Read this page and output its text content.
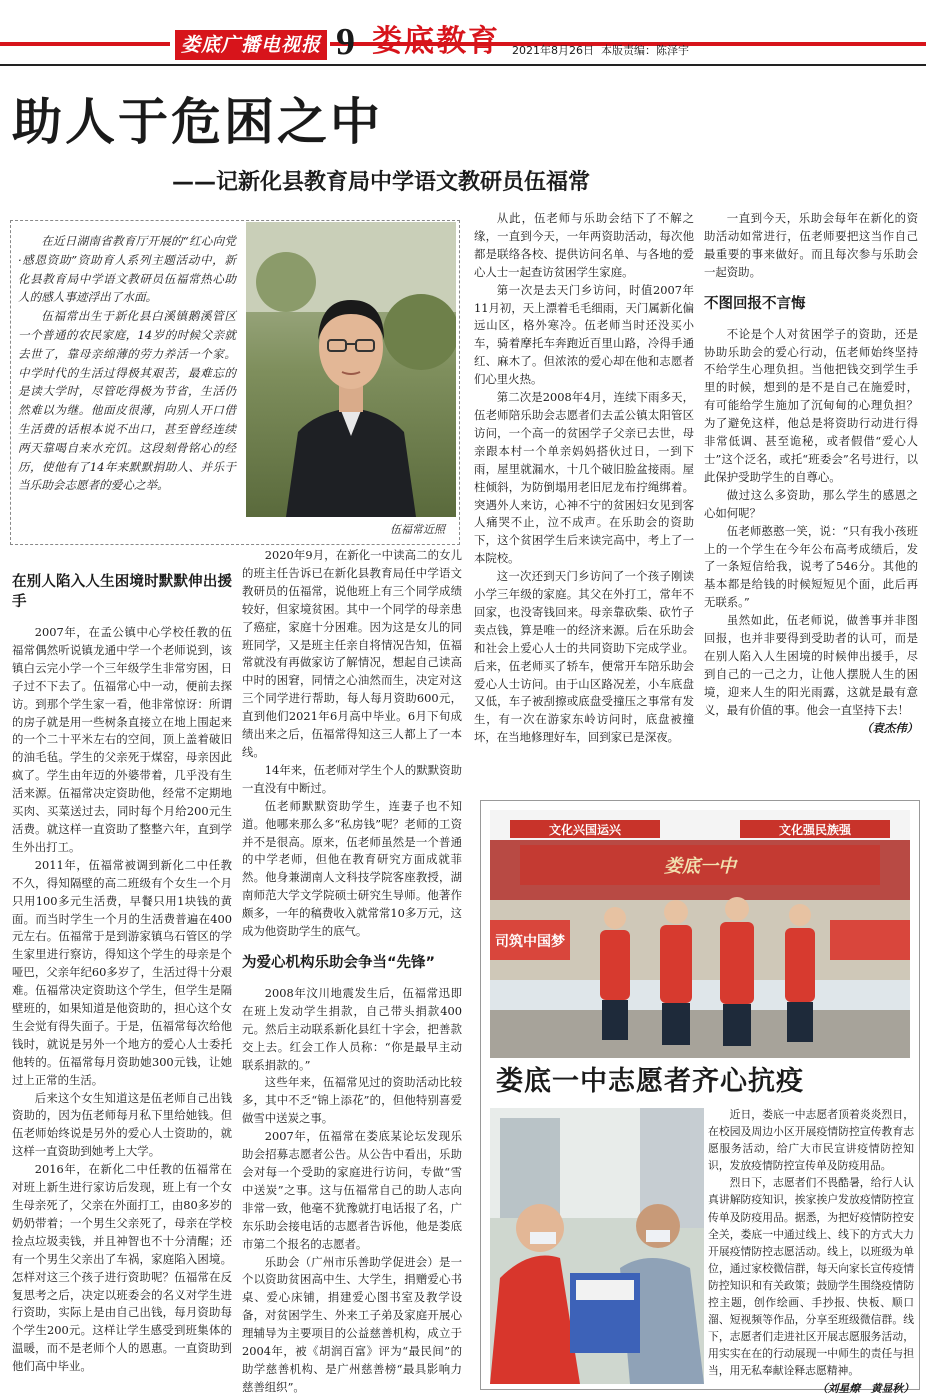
娄底广播电视报 9 娄底教育 2021年8月26日 本版责编：陈泽宇
助人于危困之中
——记新化县教育局中学语文教研员伍福常

在近日湖南省教育厅开展的“红心向党·感恩资助”资助育人系列主题活动中，新化县教育局中学语文教研员伍福常热心助人的感人事迹浮出了水面。

伍福常出生于新化县白溪镇鹅溪管区一个普通的农民家庭，14岁的时候父亲就去世了，靠母亲绵薄的劳力养活一个家。中学时代的生活过得极其艰苦，最难忘的是读大学时，尽管吃得极为节省，生活仍然难以为继。他面皮很薄，向别人开口借生活费的话根本说不出口，甚至曾经连续两天靠喝自来水充饥。这段刻骨铭心的经历，使他有了14年来默默捐助人、并乐于当乐助会志愿者的爱心之举。

伍福常近照
在别人陷入人生困境时默默伸出援手

2007年，在孟公镇中心学校任教的伍福常偶然听说镇龙通中学一个老师说到，该镇白云完小学一个三年级学生非常穷困，日子过不下去了。伍福常心中一动，便前去探访。到那个学生家一看，他非常惊讶：所谓的房子就是用一些树条直接立在地上围起来的一个二十平米左右的空间，顶上盖着破旧的油毛毡。学生的父亲死于煤窑，母亲因此疯了。学生由年迈的外婆带着，几乎没有生活来源。伍福常决定资助他，经常不定期地买肉、买菜送过去，同时每个月给200元生活费。就这样一直资助了整整六年，直到学生外出打工。

2011年，伍福常被调到新化二中任教不久，得知隔壁的高二班级有个女生一个月只用100多元生活费，早餐只用1块钱的黄面。而当时学生一个月的生活费普遍在400元左右。伍福常于是到游家镇乌石管区的学生家里进行察访，得知这个学生的母亲是个哑巴，父亲年纪60多岁了，生活过得十分艰难。伍福常决定资助这个学生，但学生是隔壁班的，如果知道是他资助的，担心这个女生会觉有得失面子。于是，伍福常每次给他钱时，就说是另外一个地方的爱心人士委托他转的。伍福常每月资助她300元钱，让她过上正常的生活。

后来这个女生知道这是伍老师自己出钱资助的，因为伍老师每月私下里给她钱。但伍老师始终说是另外的爱心人士资助的，就这样一直资助到她考上大学。

2016年，在新化二中任教的伍福常在对班上新生进行家访后发现，班上有一个女生母亲死了，父亲在外面打工，由80多岁的奶奶带着；一个男生父亲死了，母亲在学校捡点垃圾卖钱，并且神智也不十分清醒；还有一个男生父亲出了车祸，家庭陷入困境。怎样对这三个孩子进行资助呢？伍福常在反复思考之后，决定以班委会的名义对学生进行资助，实际上是由自己出钱，每月资助每个学生200元。这样让学生感受到班集体的温暖，而不是老师个人的恩惠。一直资助到他们高中毕业。

2020年9月，在新化一中读高二的女儿的班主任告诉已在新化县教育局任中学语文教研员的伍福常，说他班上有三个同学成绩较好，但家境贫困。其中一个同学的母亲患了癌症，家庭十分困难。因为这是女儿的同班同学，又是班主任亲自将情况告知，伍福常就没有再做家访了解情况，想起自己读高中时的困窘，同情之心油然而生，决定对这三个同学进行帮助，每人每月资助600元，直到他们2021年6月高中毕业。6月下旬成绩出来之后，伍福常得知这三人都上了一本线。

14年来，伍老师对学生个人的默默资助一直没有中断过。

伍老师默默资助学生，连妻子也不知道。他哪来那么多“私房钱”呢？老师的工资并不是很高。原来，伍老师虽然是一个普通的中学老师，但他在教育研究方面成就菲然。他身兼湖南人文科技学院客座教授，湖南师范大学文学院硕士研究生导师。他著作颇多，一年的稿费收入就常常10多万元，这成为他资助学生的底气。

为爱心机构乐助会争当“先锋”

2008年汶川地震发生后，伍福常迅即在班上发动学生捐款，自己带头捐款400元。然后主动联系新化县红十字会，把善款交上去。红会工作人员称：“你是最早主动联系捐款的。”

这些年来，伍福常见过的资助活动比较多，其中不乏“锦上添花”的，但他特别喜爱做雪中送炭之事。

2007年，伍福常在娄底某论坛发现乐助会招募志愿者公告。从公告中看出，乐助会对每一个受助的家庭进行访问，专做“雪中送炭”之事。这与伍福常自己的助人志向非常一致，他毫不犹豫就打电话报了名，广东乐助会接电话的志愿者告诉他，他是娄底市第二个报名的志愿者。

乐助会（广州市乐善助学促进会）是一个以资助贫困高中生、大学生，捐赠爱心书桌、爱心床铺，捐建爱心图书室及教学设备，对贫困学生、外来工子弟及家庭开展心理辅导为主要项目的公益慈善机构，成立于2004年，被《胡润百富》评为“最民间”的助学慈善机构、是广州慈善榜“最具影响力慈善组织”。

从此，伍老师与乐助会结下了不解之缘，一直到今天，一年两资助活动，每次他都是联络各校、提供访问名单、与各地的爱心人士一起查访贫困学生家庭。

第一次是去天门乡访问，时值2007年11月初，天上漂着毛毛细雨，天门属新化偏远山区，格外寒冷。伍老师当时还没买小车，骑着摩托车奔跑近百里山路，冷得手通红、麻木了。但浓浓的爱心却在他和志愿者们心里火热。

第二次是2008年4月，连续下雨多天，伍老师陪乐助会志愿者们去孟公镇太阳管区访问，一个高一的贫困学子父亲已去世，母亲跟本村一个单亲妈妈搭伙过日，一到下雨，屋里就漏水，十几个破旧脸盆接雨。屋柱倾斜，为防倒塌用老旧尼龙布拧绳绑着。突遇外人来访，心神不宁的贫困妇女见到客人痛哭不止，泣不成声。在乐助会的资助下，这个贫困学生后来读完高中，考上了一本院校。

这一次还到天门乡访问了一个孩子刚读小学三年级的家庭。其父在外打工，常年不回家，也没寄钱回来。母亲靠砍柴、砍竹子卖点钱，算是唯一的经济来源。后在乐助会和社会上爱心人士的共同资助下完成学业。后来，伍老师买了轿车，便常开车陪乐助会爱心人士访问。由于山区路况差，小车底盘又低，车子被刮擦或底盘受撞压之事常有发生，有一次在游家东岭访问时，底盘被撞坏，在当地修理好车，回到家已是深夜。

一直到今天，乐助会每年在新化的资助活动如常进行，伍老师要把这当作自己最重要的事来做好。而且每次参与乐助会一起资助。

不图回报不言悔

不论是个人对贫困学子的资助，还是协助乐助会的爱心行动，伍老师始终坚持不给学生心理负担。当他把钱交到学生手里的时候，想到的是不是自己在施爱时，有可能给学生施加了沉甸甸的心理负担？为了避免这样，他总是将资助行动进行得非常低调、甚至诡秘，或者假借“爱心人士”这个泛名，或托“班委会”名号进行，以此保护受助学生的自尊心。

做过这么多资助，那么学生的感恩之心如何呢？

伍老师憨憨一笑，说：“只有我小孩班上的一个学生在今年公布高考成绩后，发了一条短信给我，说考了546分。其他的基本都是给钱的时候短短见个面，此后再无联系。”

虽然如此，伍老师说，做善事并非图回报，也并非要得到受助者的认可，而是在别人陷入人生困境的时候伸出援手，尽到自己的一己之力，让他人摆脱人生的困境，迎来人生的阳光雨露，这就是最有意义，最有价值的事。他会一直坚持下去！

（袁杰伟）

文化兴国运兴	文化强民族强
娄底一中
司筑中国梦
娄底一中志愿者齐心抗疫

近日，娄底一中志愿者顶着炎炎烈日，在校园及周边小区开展疫情防控宣传教育志愿服务活动，给广大市民宣讲疫情防控知识，发放疫情防控宣传单及防疫用品。

烈日下，志愿者们不畏酷暑，给行人认真讲解防疫知识，挨家挨户发放疫情防控宣传单及防疫用品。据悉，为把好疫情防控安全关，娄底一中通过线上、线下的方式大力开展疫情防控志愿活动。线上，以班级为单位，通过家校微信群，每天向家长宣传疫情防控知识和有关政策；鼓励学生围绕疫情防控主题，创作绘画、手抄报、快板、顺口溜、短视频等作品，分享至班级微信群。线下，志愿者们走进社区开展志愿服务活动，用实实在在的行动展现一中师生的责任与担当，用无私奉献诠释志愿精神。

（刘星燎　黄显秋）
